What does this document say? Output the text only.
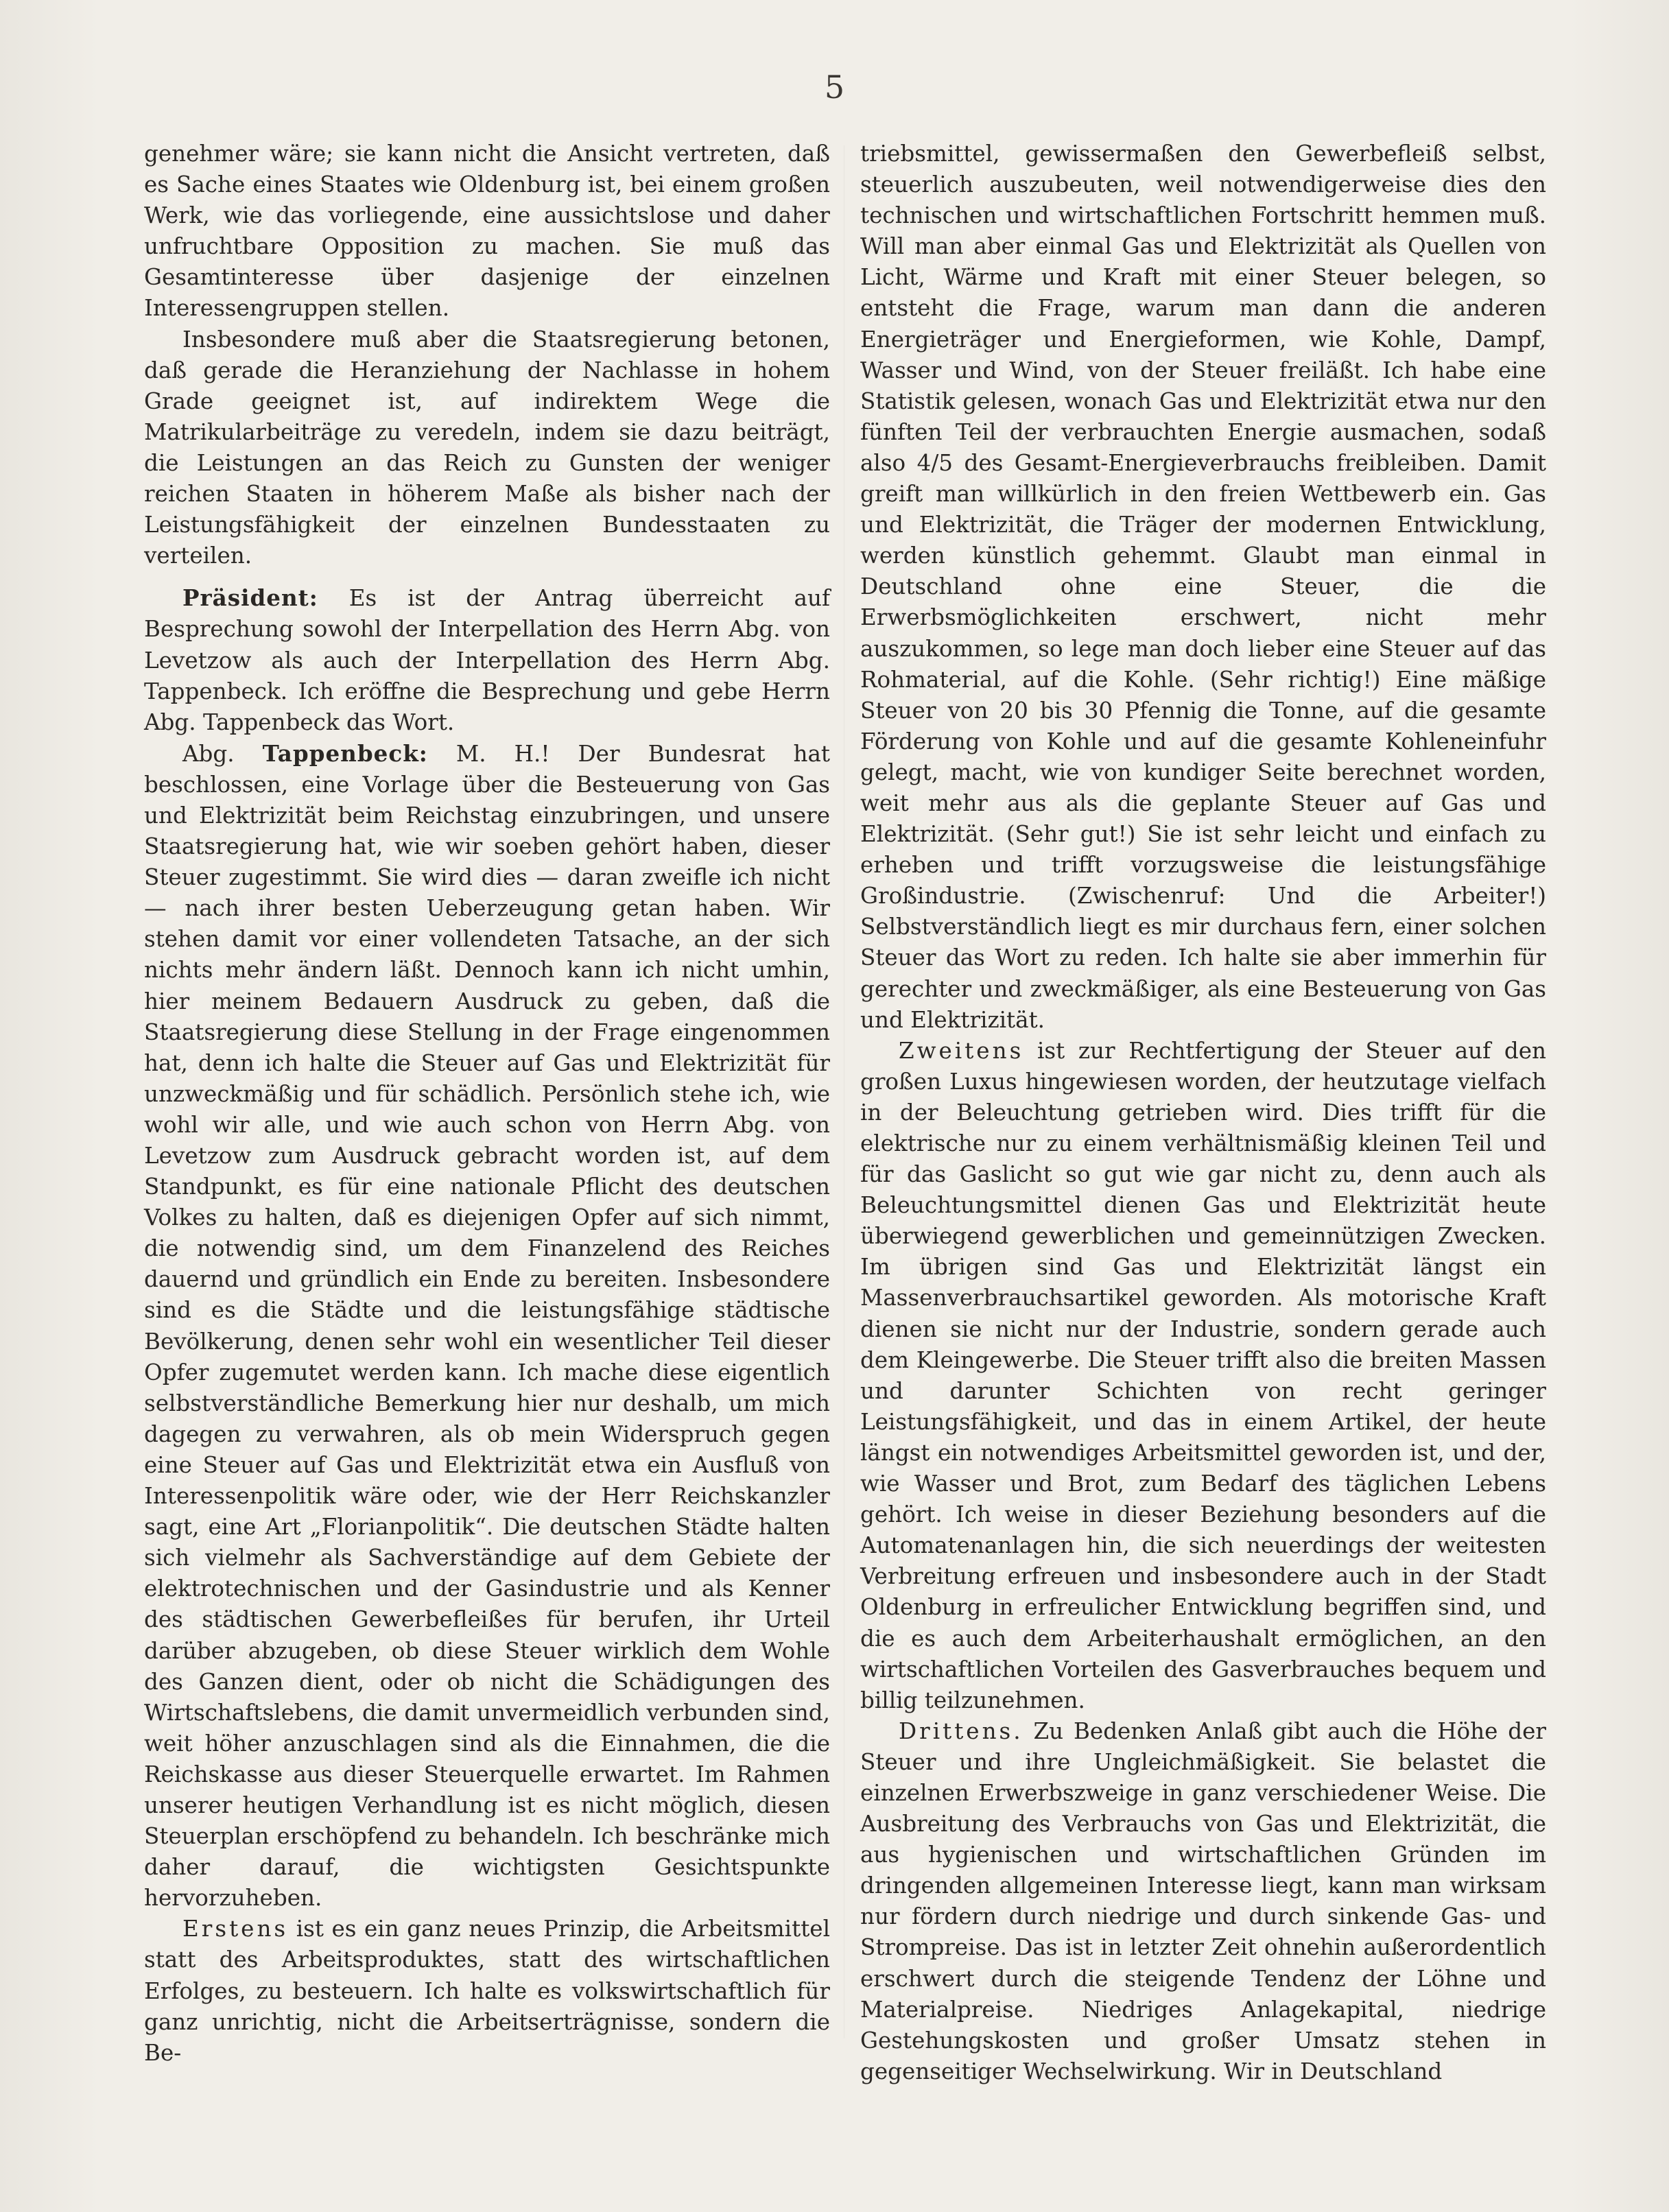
5

genehmer wäre; sie kann nicht die Ansicht vertreten, daß es Sache eines Staates wie Oldenburg ist, bei einem großen Werk, wie das vorliegende, eine aussichtslose und daher unfruchtbare Opposition zu machen. Sie muß das Gesamtinteresse über dasjenige der einzelnen Interessengruppen stellen.

Insbesondere muß aber die Staatsregierung betonen, daß gerade die Heranziehung der Nachlasse in hohem Grade geeignet ist, auf indirektem Wege die Matrikularbeiträge zu veredeln, indem sie dazu beiträgt, die Leistungen an das Reich zu Gunsten der weniger reichen Staaten in höherem Maße als bisher nach der Leistungsfähigkeit der einzelnen Bundesstaaten zu verteilen.

Präsident: Es ist der Antrag überreicht auf Besprechung sowohl der Interpellation des Herrn Abg. von Levetzow als auch der Interpellation des Herrn Abg. Tappenbeck. Ich eröffne die Besprechung und gebe Herrn Abg. Tappenbeck das Wort.

Abg. Tappenbeck: M. H.! Der Bundesrat hat beschlossen, eine Vorlage über die Besteuerung von Gas und Elektrizität beim Reichstag einzubringen, und unsere Staatsregierung hat, wie wir soeben gehört haben, dieser Steuer zugestimmt. Sie wird dies — daran zweifle ich nicht — nach ihrer besten Ueberzeugung getan haben. Wir stehen damit vor einer vollendeten Tatsache, an der sich nichts mehr ändern läßt. Dennoch kann ich nicht umhin, hier meinem Bedauern Ausdruck zu geben, daß die Staatsregierung diese Stellung in der Frage eingenommen hat, denn ich halte die Steuer auf Gas und Elektrizität für unzweckmäßig und für schädlich. Persönlich stehe ich, wie wohl wir alle, und wie auch schon von Herrn Abg. von Levetzow zum Ausdruck gebracht worden ist, auf dem Standpunkt, es für eine nationale Pflicht des deutschen Volkes zu halten, daß es diejenigen Opfer auf sich nimmt, die notwendig sind, um dem Finanzelend des Reiches dauernd und gründlich ein Ende zu bereiten. Insbesondere sind es die Städte und die leistungsfähige städtische Bevölkerung, denen sehr wohl ein wesentlicher Teil dieser Opfer zugemutet werden kann. Ich mache diese eigentlich selbstverständliche Bemerkung hier nur deshalb, um mich dagegen zu verwahren, als ob mein Widerspruch gegen eine Steuer auf Gas und Elektrizität etwa ein Ausfluß von Interessenpolitik wäre oder, wie der Herr Reichskanzler sagt, eine Art „Florianpolitik“. Die deutschen Städte halten sich vielmehr als Sachverständige auf dem Gebiete der elektrotechnischen und der Gasindustrie und als Kenner des städtischen Gewerbefleißes für berufen, ihr Urteil darüber abzugeben, ob diese Steuer wirklich dem Wohle des Ganzen dient, oder ob nicht die Schädigungen des Wirtschaftslebens, die damit unvermeidlich verbunden sind, weit höher anzuschlagen sind als die Einnahmen, die die Reichskasse aus dieser Steuerquelle erwartet. Im Rahmen unserer heutigen Verhandlung ist es nicht möglich, diesen Steuerplan erschöpfend zu behandeln. Ich beschränke mich daher darauf, die wichtigsten Gesichtspunkte hervorzuheben.

Erstens ist es ein ganz neues Prinzip, die Arbeitsmittel statt des Arbeitsproduktes, statt des wirtschaftlichen Erfolges, zu besteuern. Ich halte es volkswirtschaftlich für ganz unrichtig, nicht die Arbeitserträgnisse, sondern die Be-

triebsmittel, gewissermaßen den Gewerbefleiß selbst, steuerlich auszubeuten, weil notwendigerweise dies den technischen und wirtschaftlichen Fortschritt hemmen muß. Will man aber einmal Gas und Elektrizität als Quellen von Licht, Wärme und Kraft mit einer Steuer belegen, so entsteht die Frage, warum man dann die anderen Energieträger und Energieformen, wie Kohle, Dampf, Wasser und Wind, von der Steuer freiläßt. Ich habe eine Statistik gelesen, wonach Gas und Elektrizität etwa nur den fünften Teil der verbrauchten Energie ausmachen, sodaß also 4/5 des Gesamt-Energieverbrauchs freibleiben. Damit greift man willkürlich in den freien Wettbewerb ein. Gas und Elektrizität, die Träger der modernen Entwicklung, werden künstlich gehemmt. Glaubt man einmal in Deutschland ohne eine Steuer, die die Erwerbsmöglichkeiten erschwert, nicht mehr auszukommen, so lege man doch lieber eine Steuer auf das Rohmaterial, auf die Kohle. (Sehr richtig!) Eine mäßige Steuer von 20 bis 30 Pfennig die Tonne, auf die gesamte Förderung von Kohle und auf die gesamte Kohleneinfuhr gelegt, macht, wie von kundiger Seite berechnet worden, weit mehr aus als die geplante Steuer auf Gas und Elektrizität. (Sehr gut!) Sie ist sehr leicht und einfach zu erheben und trifft vorzugsweise die leistungsfähige Großindustrie. (Zwischenruf: Und die Arbeiter!) Selbstverständlich liegt es mir durchaus fern, einer solchen Steuer das Wort zu reden. Ich halte sie aber immerhin für gerechter und zweckmäßiger, als eine Besteuerung von Gas und Elektrizität.

Zweitens ist zur Rechtfertigung der Steuer auf den großen Luxus hingewiesen worden, der heutzutage vielfach in der Beleuchtung getrieben wird. Dies trifft für die elektrische nur zu einem verhältnismäßig kleinen Teil und für das Gaslicht so gut wie gar nicht zu, denn auch als Beleuchtungsmittel dienen Gas und Elektrizität heute überwiegend gewerblichen und gemeinnützigen Zwecken. Im übrigen sind Gas und Elektrizität längst ein Massenverbrauchsartikel geworden. Als motorische Kraft dienen sie nicht nur der Industrie, sondern gerade auch dem Kleingewerbe. Die Steuer trifft also die breiten Massen und darunter Schichten von recht geringer Leistungsfähigkeit, und das in einem Artikel, der heute längst ein notwendiges Arbeitsmittel geworden ist, und der, wie Wasser und Brot, zum Bedarf des täglichen Lebens gehört. Ich weise in dieser Beziehung besonders auf die Automatenanlagen hin, die sich neuerdings der weitesten Verbreitung erfreuen und insbesondere auch in der Stadt Oldenburg in erfreulicher Entwicklung begriffen sind, und die es auch dem Arbeiterhaushalt ermöglichen, an den wirtschaftlichen Vorteilen des Gasverbrauches bequem und billig teilzunehmen.

Drittens. Zu Bedenken Anlaß gibt auch die Höhe der Steuer und ihre Ungleichmäßigkeit. Sie belastet die einzelnen Erwerbszweige in ganz verschiedener Weise. Die Ausbreitung des Verbrauchs von Gas und Elektrizität, die aus hygienischen und wirtschaftlichen Gründen im dringenden allgemeinen Interesse liegt, kann man wirksam nur fördern durch niedrige und durch sinkende Gas- und Strompreise. Das ist in letzter Zeit ohnehin außerordentlich erschwert durch die steigende Tendenz der Löhne und Materialpreise. Niedriges Anlagekapital, niedrige Gestehungskosten und großer Umsatz stehen in gegenseitiger Wechselwirkung. Wir in Deutschland
